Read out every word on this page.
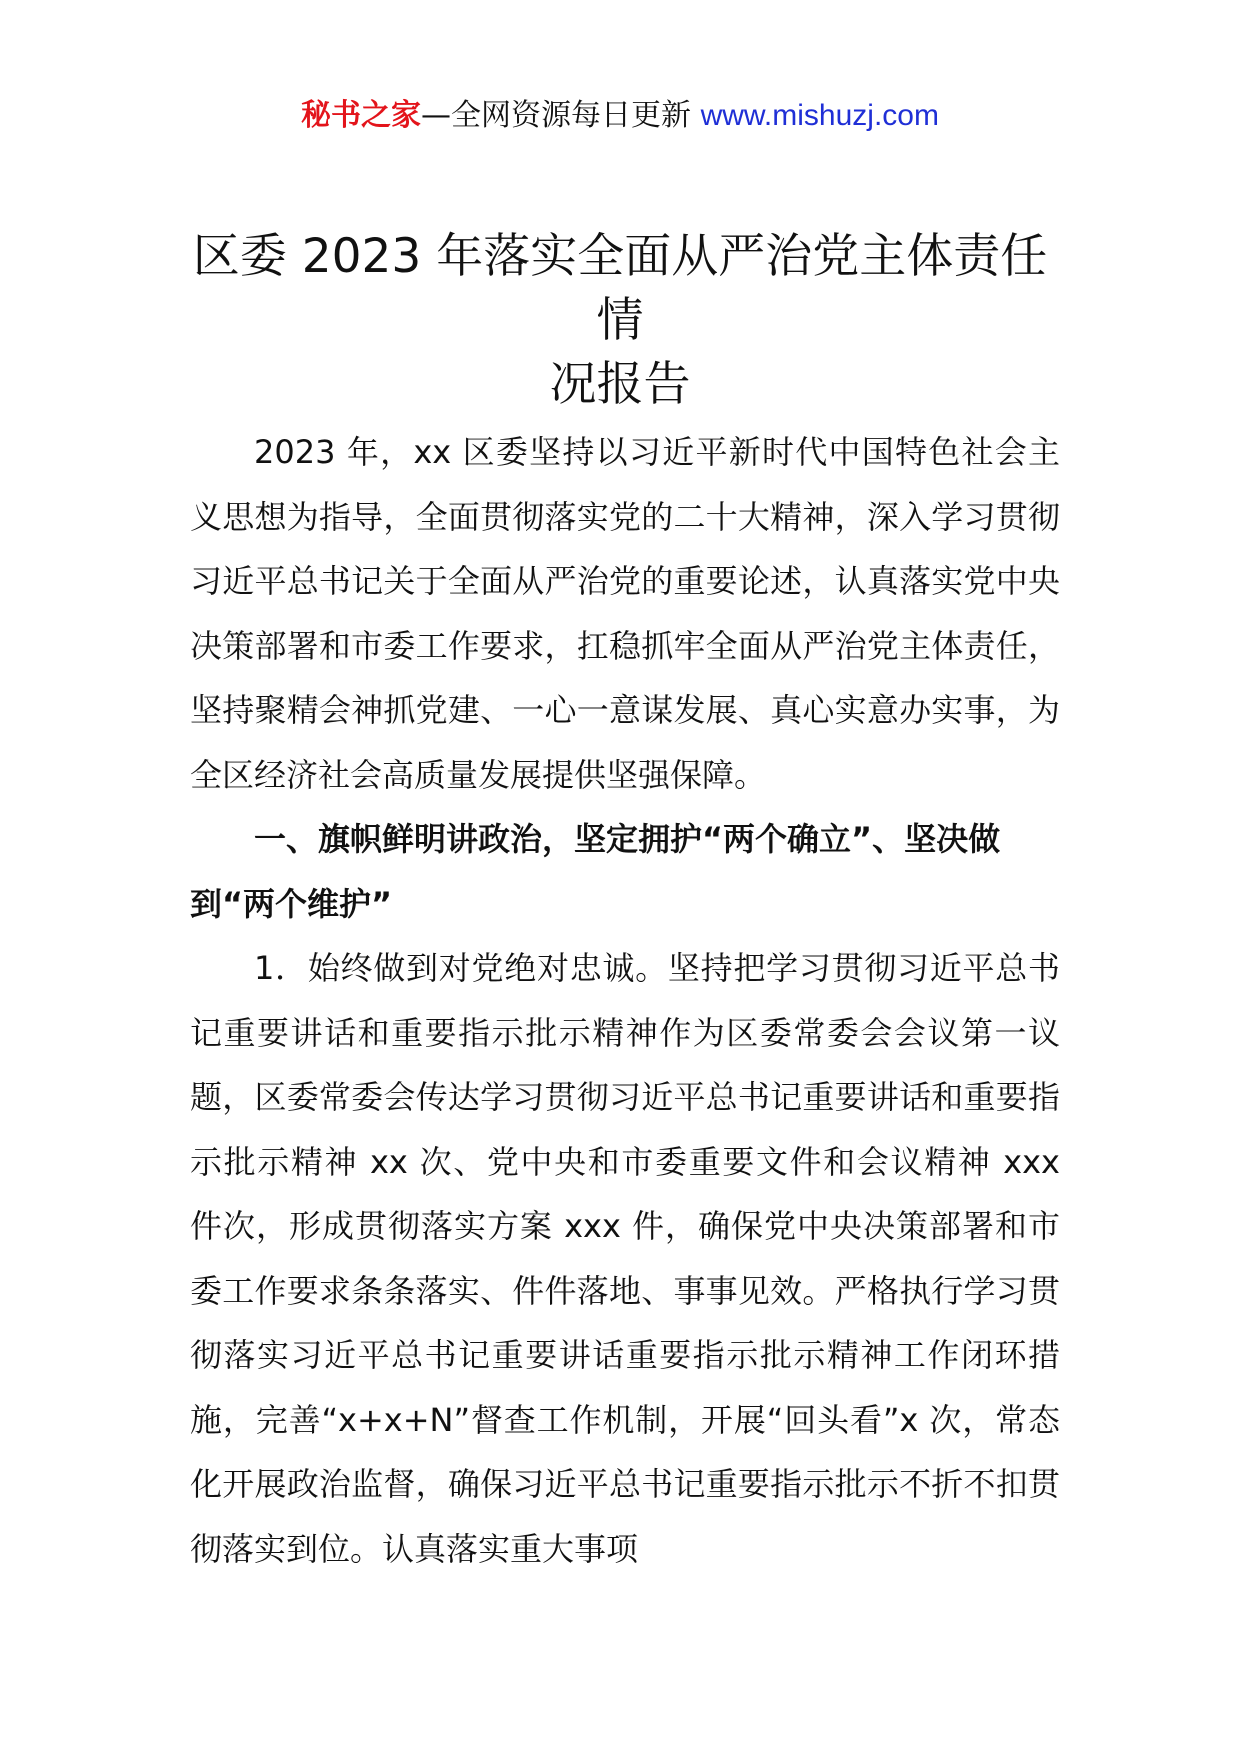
秘书之家—全网资源每日更新 www.mishuzj.com
区委 2023 年落实全面从严治党主体责任情
况报告

2023 年，xx 区委坚持以习近平新时代中国特色社会主义思想为指导，全面贯彻落实党的二十大精神，深入学习贯彻习近平总书记关于全面从严治党的重要论述，认真落实党中央决策部署和市委工作要求，扛稳抓牢全面从严治党主体责任，坚持聚精会神抓党建、一心一意谋发展、真心实意办实事，为全区经济社会高质量发展提供坚强保障。

一、旗帜鲜明讲政治，坚定拥护“两个确立”、坚决做到“两个维护”

1．始终做到对党绝对忠诚。坚持把学习贯彻习近平总书记重要讲话和重要指示批示精神作为区委常委会会议第一议题，区委常委会传达学习贯彻习近平总书记重要讲话和重要指示批示精神 xx 次、党中央和市委重要文件和会议精神 xxx 件次，形成贯彻落实方案 xxx 件，确保党中央决策部署和市委工作要求条条落实、件件落地、事事见效。严格执行学习贯彻落实习近平总书记重要讲话重要指示批示精神工作闭环措施，完善“x+x+N”督查工作机制，开展“回头看”x 次，常态化开展政治监督，确保习近平总书记重要指示批示不折不扣贯彻落实到位。认真落实重大事项
